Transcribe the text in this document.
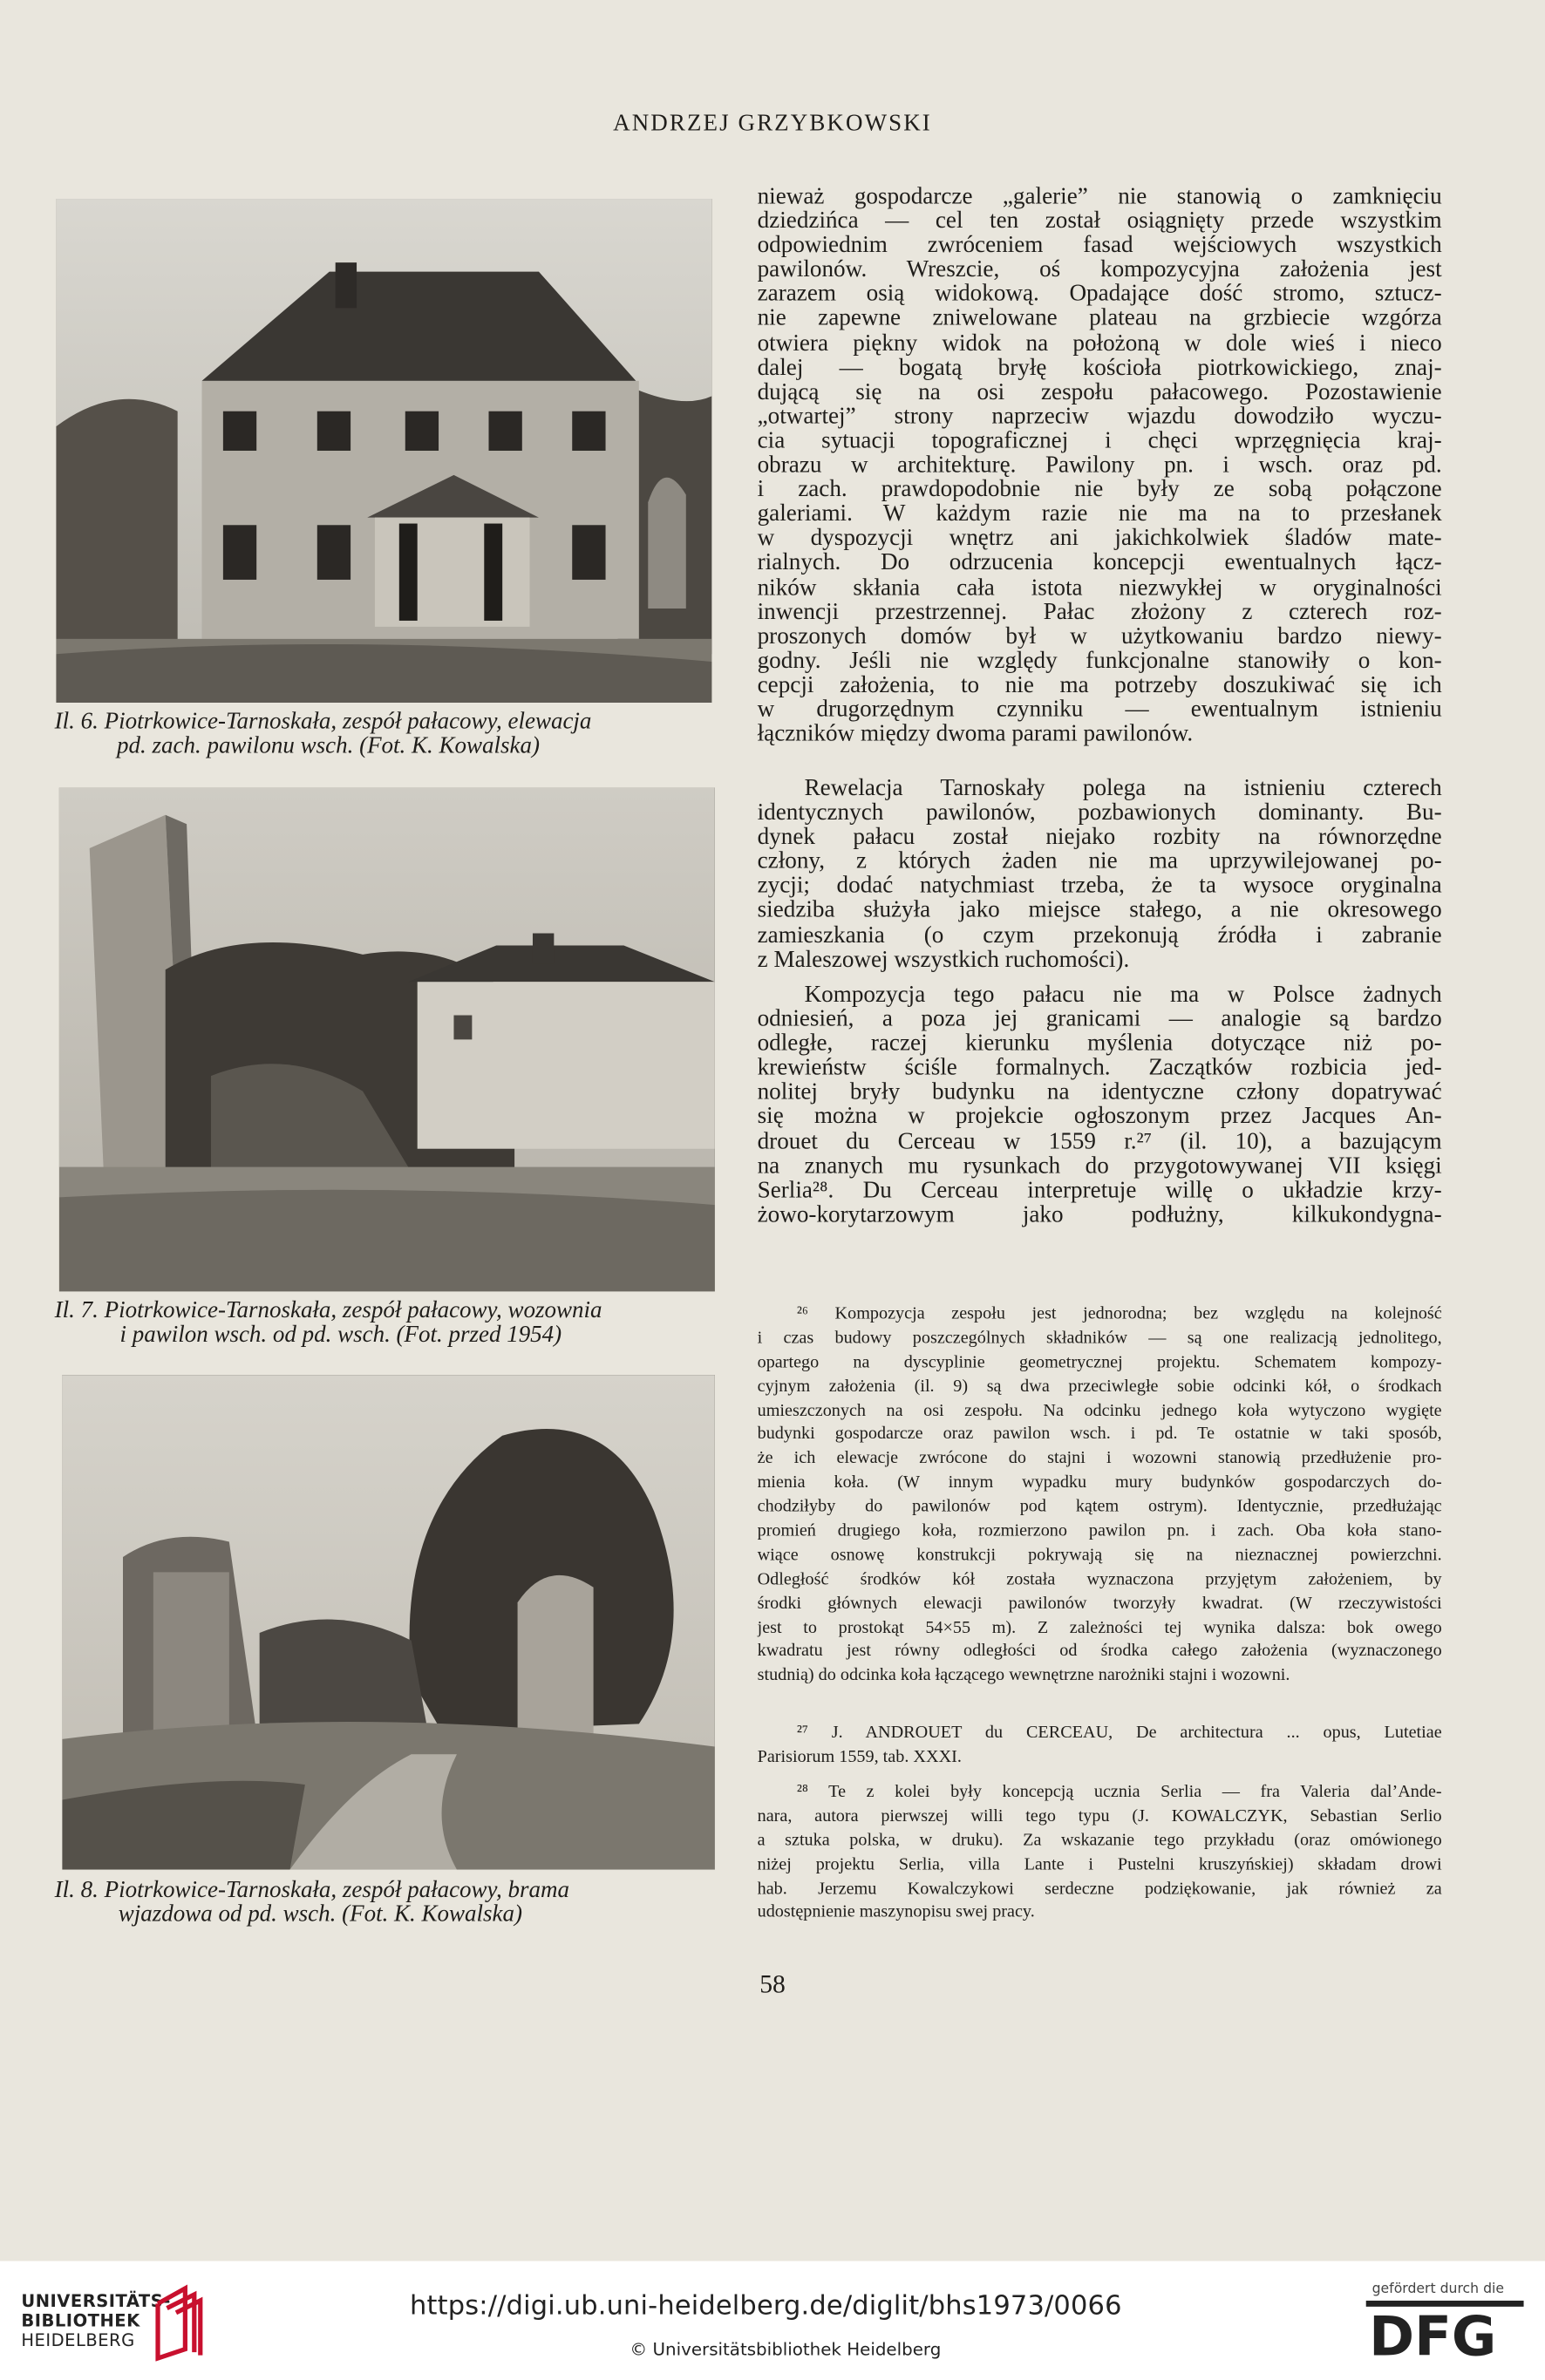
ANDRZEJ GRZYBKOWSKI
Il. 6. Piotrkowice-Tarnoskała, zespół pałacowy, elewacja
pd. zach. pawilonu wsch. (Fot. K. Kowalska)
Il. 7. Piotrkowice-Tarnoskała, zespół pałacowy, wozownia
i pawilon wsch. od pd. wsch. (Fot. przed 1954)
Il. 8. Piotrkowice-Tarnoskała, zespół pałacowy, brama
wjazdowa od pd. wsch. (Fot. K. Kowalska)
nieważ gospodarcze „galerie” nie stanowią o zamknięciu
dziedzińca — cel ten został osiągnięty przede wszystkim
odpowiednim zwróceniem fasad wejściowych wszystkich
pawilonów. Wreszcie, oś kompozycyjna założenia jest
zarazem osią widokową. Opadające dość stromo, sztucz-
nie zapewne zniwelowane plateau na grzbiecie wzgórza
otwiera piękny widok na położoną w dole wieś i nieco
dalej — bogatą bryłę kościoła piotrkowickiego, znaj-
dującą się na osi zespołu pałacowego. Pozostawienie
„otwartej” strony naprzeciw wjazdu dowodziło wyczu-
cia sytuacji topograficznej i chęci wprzęgnięcia kraj-
obrazu w architekturę. Pawilony pn. i wsch. oraz pd.
i zach. prawdopodobnie nie były ze sobą połączone
galeriami. W każdym razie nie ma na to przesłanek
w dyspozycji wnętrz ani jakichkolwiek śladów mate-
rialnych. Do odrzucenia koncepcji ewentualnych łącz-
ników skłania cała istota niezwykłej w oryginalności
inwencji przestrzennej. Pałac złożony z czterech roz-
proszonych domów był w użytkowaniu bardzo niewy-
godny. Jeśli nie względy funkcjonalne stanowiły o kon-
cepcji założenia, to nie ma potrzeby doszukiwać się ich
w drugorzędnym czynniku — ewentualnym istnieniu
łączników między dwoma parami pawilonów.
Rewelacja Tarnoskały polega na istnieniu czterech
identycznych pawilonów, pozbawionych dominanty. Bu-
dynek pałacu został niejako rozbity na równorzędne
człony, z których żaden nie ma uprzywilejowanej po-
zycji; dodać natychmiast trzeba, że ta wysoce oryginalna
siedziba służyła jako miejsce stałego, a nie okresowego
zamieszkania (o czym przekonują źródła i zabranie
z Maleszowej wszystkich ruchomości).
Kompozycja tego pałacu nie ma w Polsce żadnych
odniesień, a poza jej granicami — analogie są bardzo
odległe, raczej kierunku myślenia dotyczące niż po-
krewieństw ściśle formalnych. Zaczątków rozbicia jed-
nolitej bryły budynku na identyczne człony dopatrywać
się można w projekcie ogłoszonym przez Jacques An-
drouet du Cerceau w 1559 r.²⁷ (il. 10), a bazującym
na znanych mu rysunkach do przygotowywanej VII księgi
Serlia²⁸. Du Cerceau interpretuje willę o układzie krzy-
żowo-korytarzowym jako podłużny, kilkukondygna-
²⁶ Kompozycja zespołu jest jednorodna; bez względu na kolejność
i czas budowy poszczególnych składników — są one realizacją jednolitego,
opartego na dyscyplinie geometrycznej projektu. Schematem kompozy-
cyjnym założenia (il. 9) są dwa przeciwległe sobie odcinki kół, o środkach
umieszczonych na osi zespołu. Na odcinku jednego koła wytyczono wygięte
budynki gospodarcze oraz pawilon wsch. i pd. Te ostatnie w taki sposób,
że ich elewacje zwrócone do stajni i wozowni stanowią przedłużenie pro-
mienia koła. (W innym wypadku mury budynków gospodarczych do-
chodziłyby do pawilonów pod kątem ostrym). Identycznie, przedłużając
promień drugiego koła, rozmierzono pawilon pn. i zach. Oba koła stano-
wiące osnowę konstrukcji pokrywają się na nieznacznej powierzchni.
Odległość środków kół została wyznaczona przyjętym założeniem, by
środki głównych elewacji pawilonów tworzyły kwadrat. (W rzeczywistości
jest to prostokąt 54×55 m). Z zależności tej wynika dalsza: bok owego
kwadratu jest równy odległości od środka całego założenia (wyznaczonego
studnią) do odcinka koła łączącego wewnętrzne narożniki stajni i wozowni.
²⁷ J. ANDROUET du CERCEAU, De architectura ... opus, Lutetiae
Parisiorum 1559, tab. XXXI.
²⁸ Te z kolei były koncepcją ucznia Serlia — fra Valeria dal’Ande-
nara, autora pierwszej willi tego typu (J. KOWALCZYK, Sebastian Serlio
a sztuka polska, w druku). Za wskazanie tego przykładu (oraz omówionego
niżej projektu Serlia, villa Lante i Pustelni kruszyńskiej) składam drowi
hab. Jerzemu Kowalczykowi serdeczne podziękowanie, jak również za
udostępnienie maszynopisu swej pracy.
58
UNIVERSITÄTS-
BIBLIOTHEK
HEIDELBERG
https://digi.ub.uni-heidelberg.de/diglit/bhs1973/0066
© Universitätsbibliothek Heidelberg
gefördert durch die
DFG
